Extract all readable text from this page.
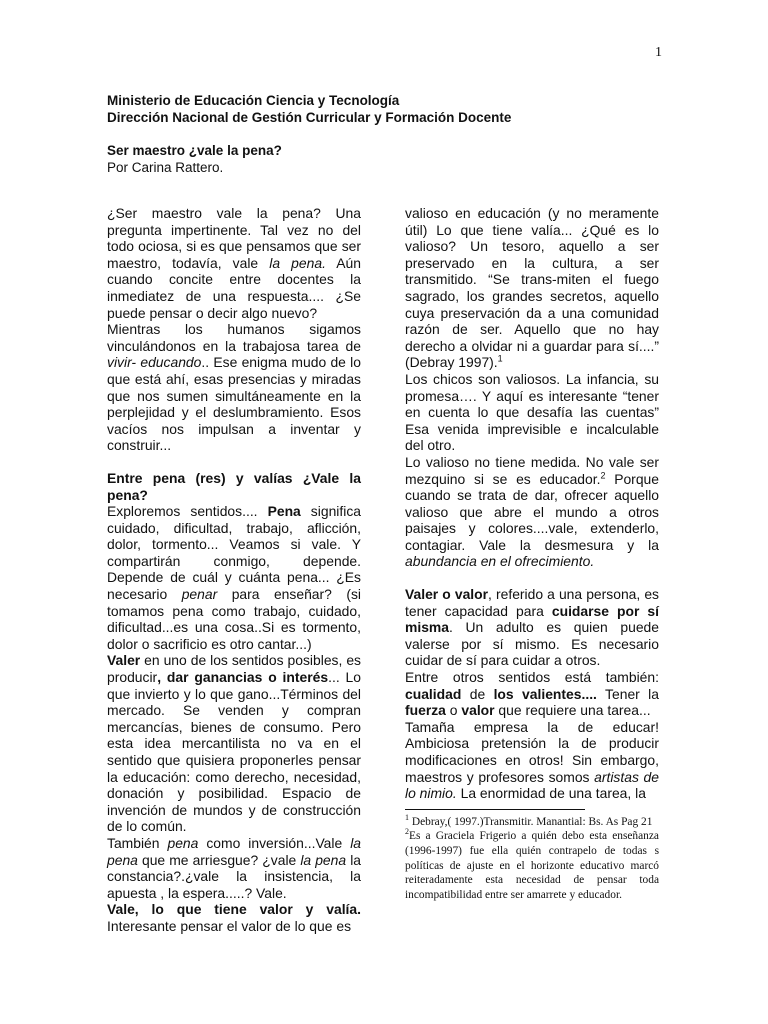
1
Ministerio de Educación Ciencia y Tecnología
Dirección Nacional de Gestión Curricular y Formación Docente
Ser maestro ¿vale la pena?
Por Carina Rattero.

¿Ser maestro vale la pena? Una pregunta impertinente. Tal vez no del todo ociosa, si es que pensamos que ser maestro, todavía, vale la pena. Aún cuando concite entre docentes la inmediatez de una respuesta.... ¿Se puede pensar o decir algo nuevo?

Mientras los humanos sigamos vinculándonos en la trabajosa tarea de vivir- educando.. Ese enigma mudo de lo que está ahí, esas presencias y miradas que nos sumen simultáneamente en la perplejidad y el deslumbramiento. Esos vacíos nos impulsan a inventar y construir...

Entre pena (res) y valías ¿Vale la pena?

Exploremos sentidos.... Pena significa cuidado, dificultad, trabajo, aflicción, dolor, tormento... Veamos si vale. Y compartirán conmigo, depende. Depende de cuál y cuánta pena... ¿Es necesario penar para enseñar? (si tomamos pena como trabajo, cuidado, dificultad...es una cosa..Si es tormento, dolor o sacrificio es otro cantar...)

Valer en uno de los sentidos posibles, es producir, dar ganancias o interés... Lo que invierto y lo que gano...Términos del mercado. Se venden y compran mercancías, bienes de consumo. Pero esta idea mercantilista no va en el sentido que quisiera proponerles pensar la educación: como derecho, necesidad, donación y posibilidad. Espacio de invención de mundos y de construcción de lo común.

También pena como inversión...Vale la pena que me arriesgue? ¿vale la pena la constancia?.¿vale la insistencia, la apuesta , la espera.....? Vale.

Vale, lo que tiene valor y valía. Interesante pensar el valor de lo que es

valioso en educación (y no meramente útil) Lo que tiene valía... ¿Qué es lo valioso? Un tesoro, aquello a ser preservado en la cultura, a ser transmitido. “Se trans-miten el fuego sagrado, los grandes secretos, aquello cuya preservación da a una comunidad razón de ser. Aquello que no hay derecho a olvidar ni a guardar para sí....” (Debray 1997).$^1$

Los chicos son valiosos. La infancia, su promesa…. Y aquí es interesante “tener en cuenta lo que desafía las cuentas” Esa venida imprevisible e incalculable del otro.

Lo valioso no tiene medida. No vale ser mezquino si se es educador.$^2$ Porque cuando se trata de dar, ofrecer aquello valioso que abre el mundo a otros paisajes y colores....vale, extenderlo, contagiar. Vale la desmesura y la abundancia en el ofrecimiento.

Valer o valor, referido a una persona, es tener capacidad para cuidarse por sí misma. Un adulto es quien puede valerse por sí mismo. Es necesario cuidar de sí para cuidar a otros.

Entre otros sentidos está también: cualidad de los valientes.... Tener la fuerza o valor que requiere una tarea...

Tamaña empresa la de educar! Ambiciosa pretensión la de producir modificaciones en otros! Sin embargo, maestros y profesores somos artistas de lo nimio. La enormidad de una tarea, la

$^1$ Debray,( 1997.)Transmitir. Manantial: Bs. As Pag 21

$^2$Es a Graciela Frigerio a quién debo esta enseñanza (1996-1997) fue ella quién contrapelo de todas s políticas de ajuste en el horizonte educativo marcó reiteradamente esta necesidad de pensar toda incompatibilidad entre ser amarrete y educador.
